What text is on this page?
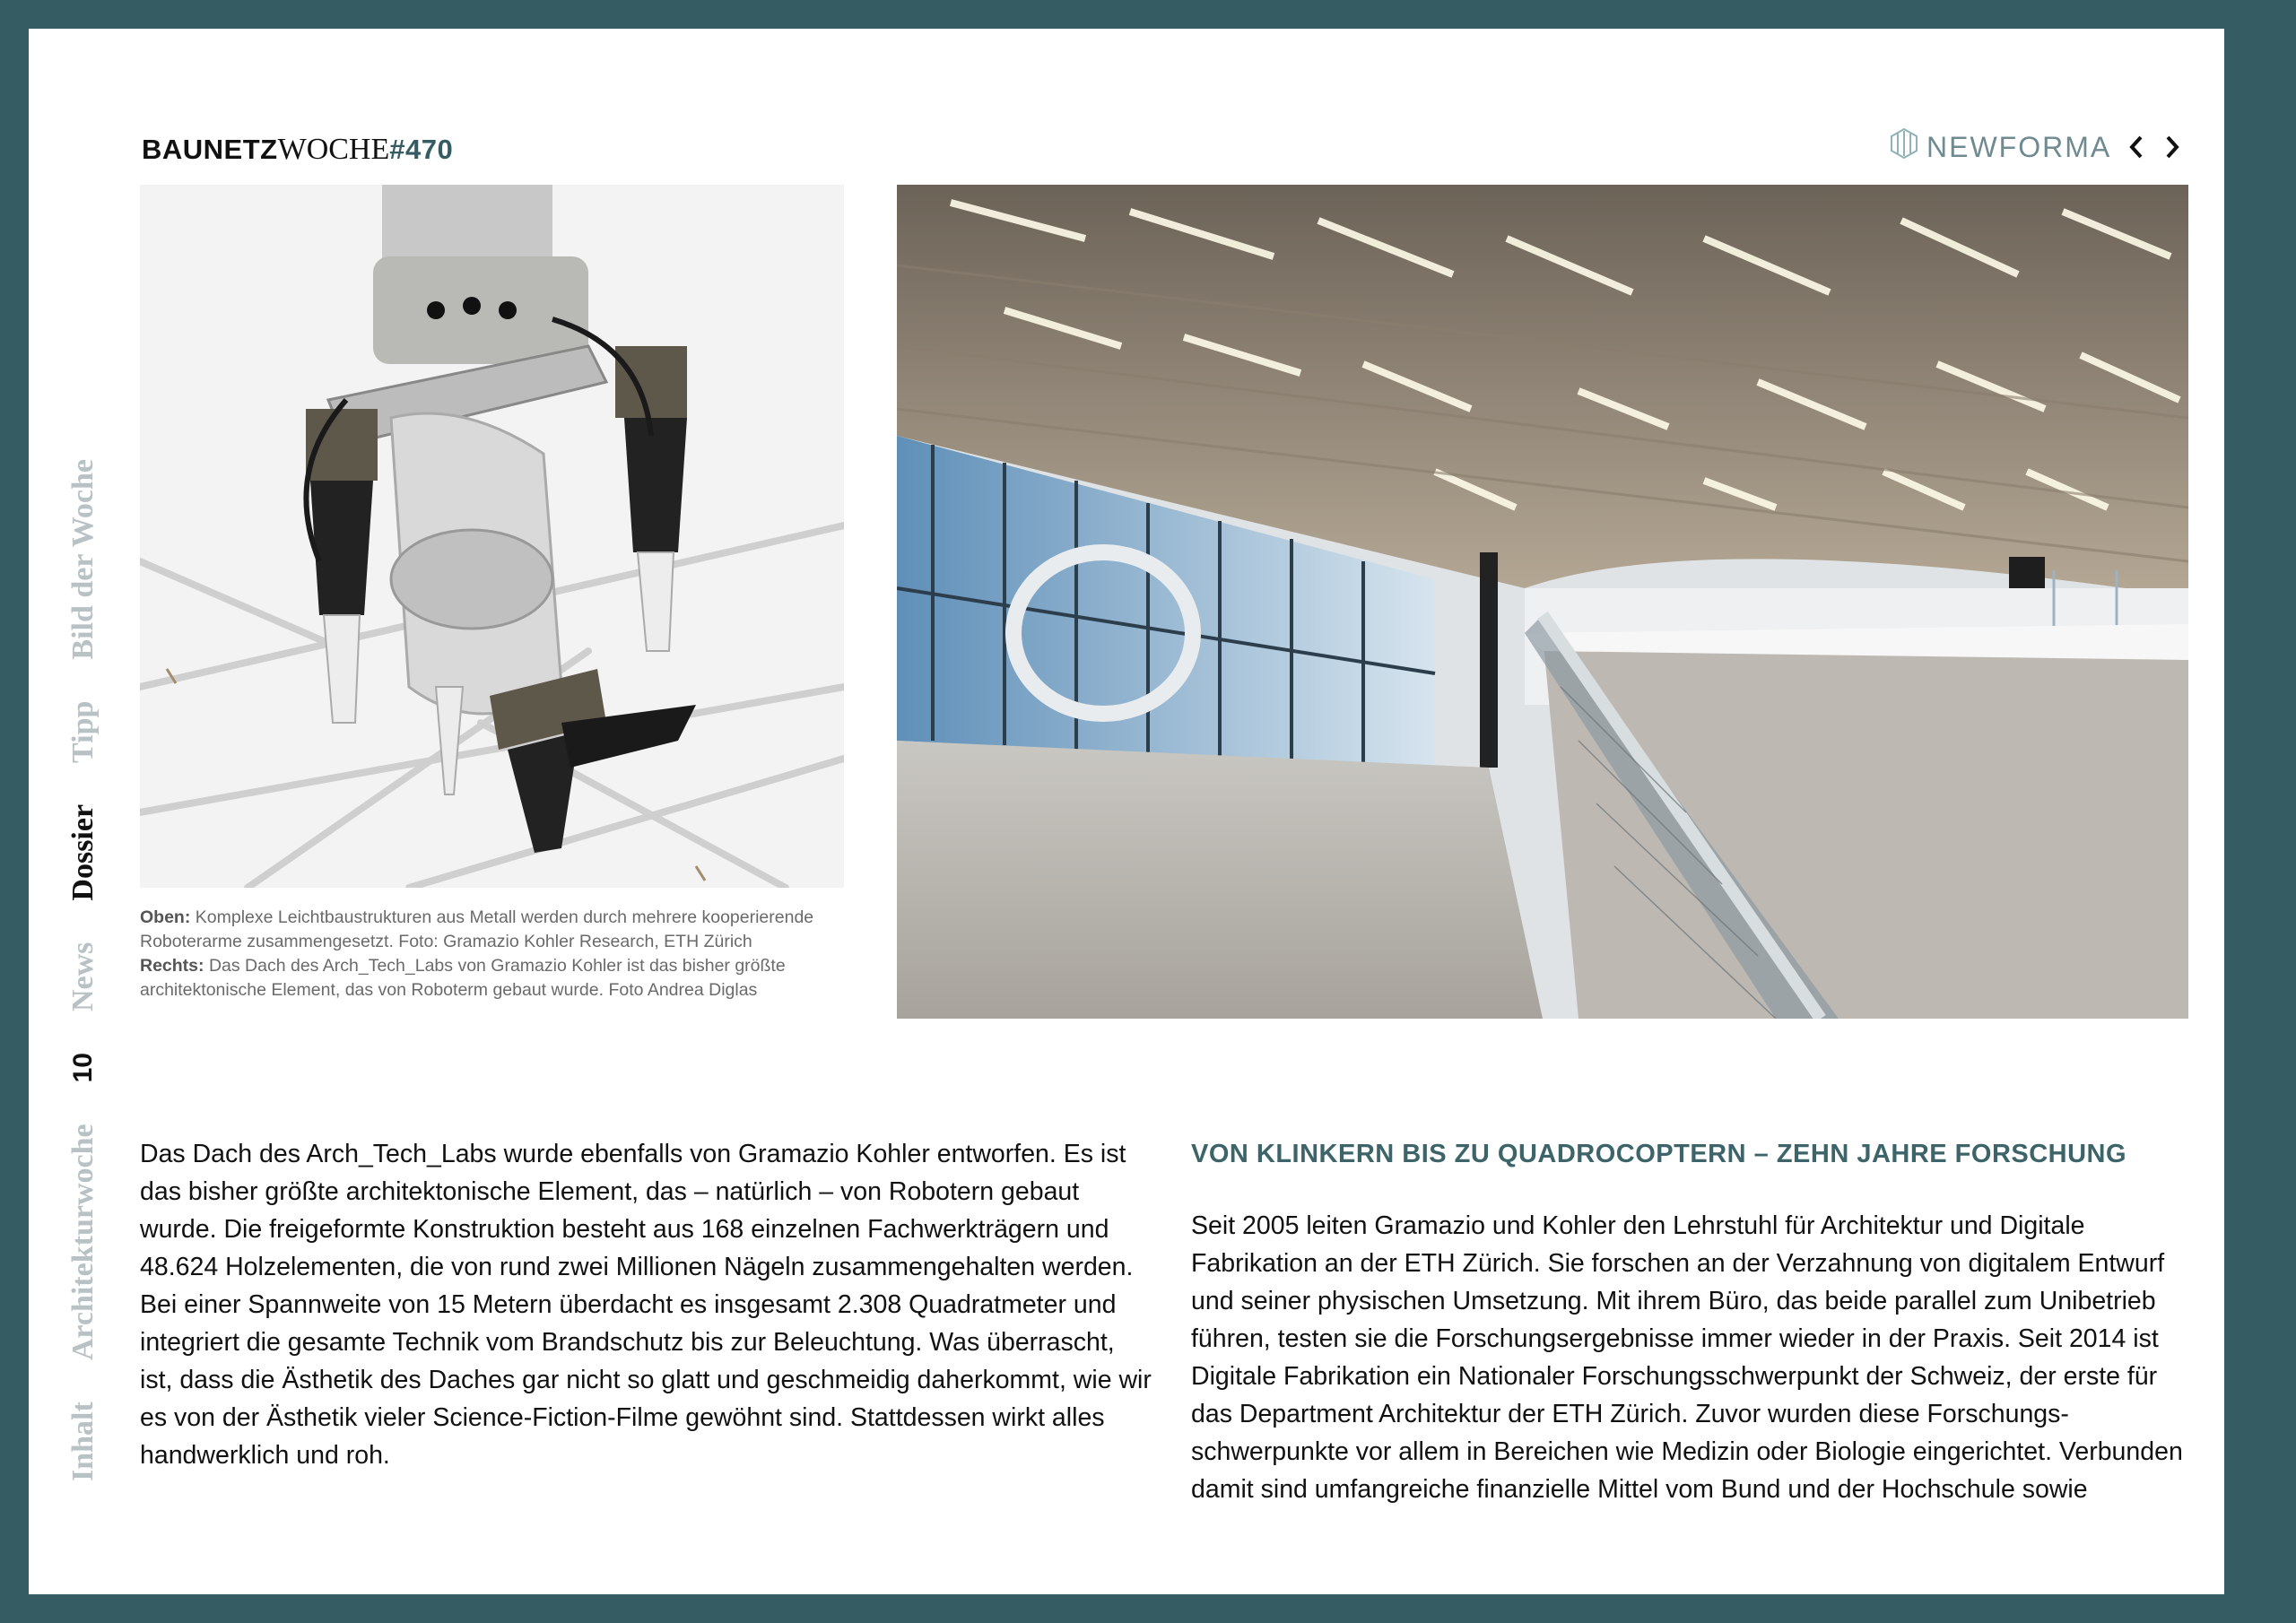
BAUNETZWOCHE#470	NEWFORMA
Inhalt
Architekturwoche
10
News
Dossier
Tipp
Bild der Woche
Oben: Komplexe Leichtbaustrukturen aus Metall werden durch mehrere kooperierende Roboterarme zusammengesetzt. Foto: Gramazio Kohler Research, ETH Zürich
Rechts: Das Dach des Arch_Tech_Labs von Gramazio Kohler ist das bisher größte architektonische Element, das von Roboterm gebaut wurde. Foto Andrea Diglas
Das Dach des Arch_Tech_Labs wurde ebenfalls von Gramazio Kohler entworfen. Es ist das bisher größte architektonische Element, das – natürlich – von Robotern gebaut wurde. Die freigeformte Konstruktion besteht aus 168 einzelnen Fachwerkträgern und 48.624 Holzelementen, die von rund zwei Millionen Nägeln zusammengehalten werden. Bei einer Spannweite von 15 Metern überdacht es insgesamt 2.308 Quadratmeter und integriert die gesamte Technik vom Brandschutz bis zur Beleuchtung. Was überrascht, ist, dass die Ästhetik des Daches gar nicht so glatt und geschmeidig daherkommt, wie wir es von der Ästhetik vieler Science-Fiction-Filme gewöhnt sind. Stattdessen wirkt alles handwerklich und roh.
VON KLINKERN BIS ZU QUADROCOPTERN – ZEHN JAHRE FORSCHUNG

Seit 2005 leiten Gramazio und Kohler den Lehrstuhl für Architektur und Digitale Fabrikation an der ETH Zürich. Sie forschen an der Verzahnung von digitalem Entwurf und seiner physischen Umsetzung. Mit ihrem Büro, das beide parallel zum Unibetrieb führen, testen sie die Forschungsergebnisse immer wieder in der Praxis. Seit 2014 ist Digitale Fabrikation ein Nationaler Forschungsschwerpunkt der Schweiz, der erste für das Department Architektur der ETH Zürich. Zuvor wurden diese Forschungsschwerpunkte vor allem in Bereichen wie Medizin oder Biologie eingerichtet. Verbunden damit sind umfangreiche finanzielle Mittel vom Bund und der Hochschule sowie
